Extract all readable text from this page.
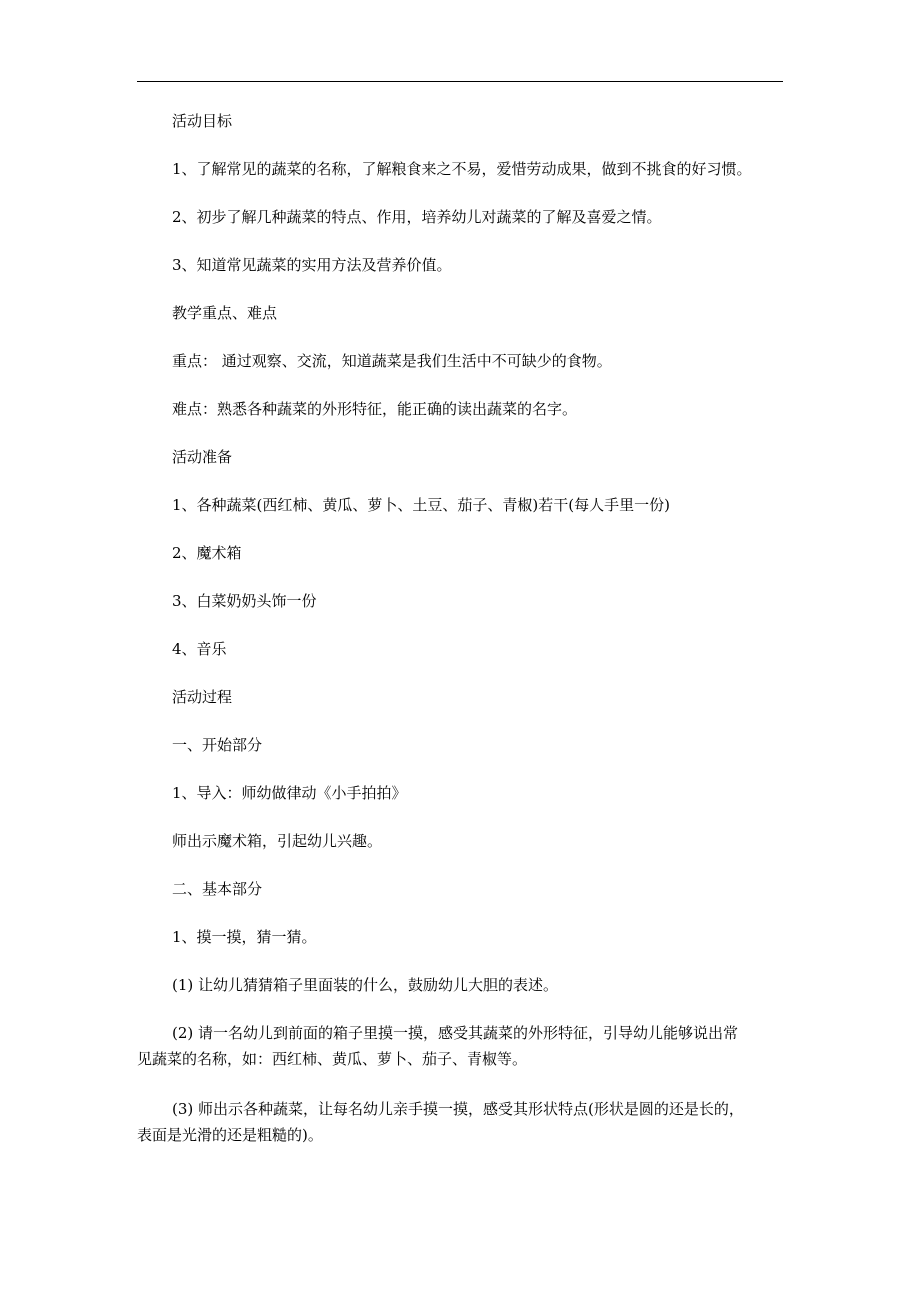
活动目标

1、了解常见的蔬菜的名称，了解粮食来之不易，爱惜劳动成果，做到不挑食的好习惯。

2、初步了解几种蔬菜的特点、作用，培养幼儿对蔬菜的了解及喜爱之情。

3、知道常见蔬菜的实用方法及营养价值。

教学重点、难点

重点： 通过观察、交流，知道蔬菜是我们生活中不可缺少的食物。

难点：熟悉各种蔬菜的外形特征，能正确的读出蔬菜的名字。

活动准备

1、各种蔬菜(西红柿、黄瓜、萝卜、土豆、茄子、青椒)若干(每人手里一份)

2、魔术箱

3、白菜奶奶头饰一份

4、音乐

活动过程

一、开始部分

1、导入：师幼做律动《小手拍拍》

师出示魔术箱，引起幼儿兴趣。

二、基本部分

1、摸一摸，猜一猜。

(1) 让幼儿猜猜箱子里面装的什么，鼓励幼儿大胆的表述。

(2) 请一名幼儿到前面的箱子里摸一摸，感受其蔬菜的外形特征，引导幼儿能够说出常

见蔬菜的名称，如：西红柿、黄瓜、萝卜、茄子、青椒等。

(3) 师出示各种蔬菜，让每名幼儿亲手摸一摸，感受其形状特点(形状是圆的还是长的，

表面是光滑的还是粗糙的)。
